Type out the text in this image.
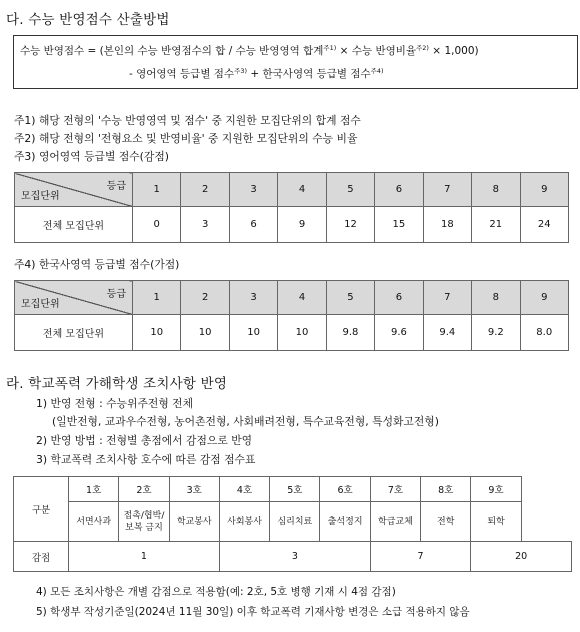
다. 수능 반영점수 산출방법
수능 반영점수 = (본인의 수능 반영점수의 합 / 수능 반영영역 합계$^{주1)}$ × 수능 반영비율$^{주2)}$ × 1,000)
- 영어영역 등급별 점수$^{주3)}$ + 한국사영역 등급별 점수$^{주4)}$
주1) 해당 전형의 '수능 반영영역 및 점수' 중 지원한 모집단위의 합계 점수
주2) 해당 전형의 '전형요소 및 반영비율' 중 지원한 모집단위의 수능 비율
주3) 영어영역 등급별 점수(감점)
등급
모집단위	1	2	3	4	5	6	7	8	9
전체 모집단위	0	3	6	9	12	15	18	21	24
주4) 한국사영역 등급별 점수(가점)
등급
모집단위	1	2	3	4	5	6	7	8	9
전체 모집단위	10	10	10	10	9.8	9.6	9.4	9.2	8.0
라. 학교폭력 가해학생 조치사항 반영
1) 반영 전형 : 수능위주전형 전체
(일반전형, 교과우수전형, 농어촌전형, 사회배려전형, 특수교육전형, 특성화고전형)
2) 반영 방법 : 전형별 총점에서 감점으로 반영
3) 학교폭력 조치사항 호수에 따른 감점 점수표
구분	1호	2호	3호	4호	5호	6호	7호	8호	9호
	서면사과	접촉/협박/
보복 금지	학교봉사	사회봉사	심리치료	출석정지	학급교체	전학	퇴학
감점	1			3			7		20
4) 모든 조치사항은 개별 감점으로 적용함(예: 2호, 5호 병행 기재 시 4점 감점)
5) 학생부 작성기준일(2024년 11월 30일) 이후 학교폭력 기재사항 변경은 소급 적용하지 않음
